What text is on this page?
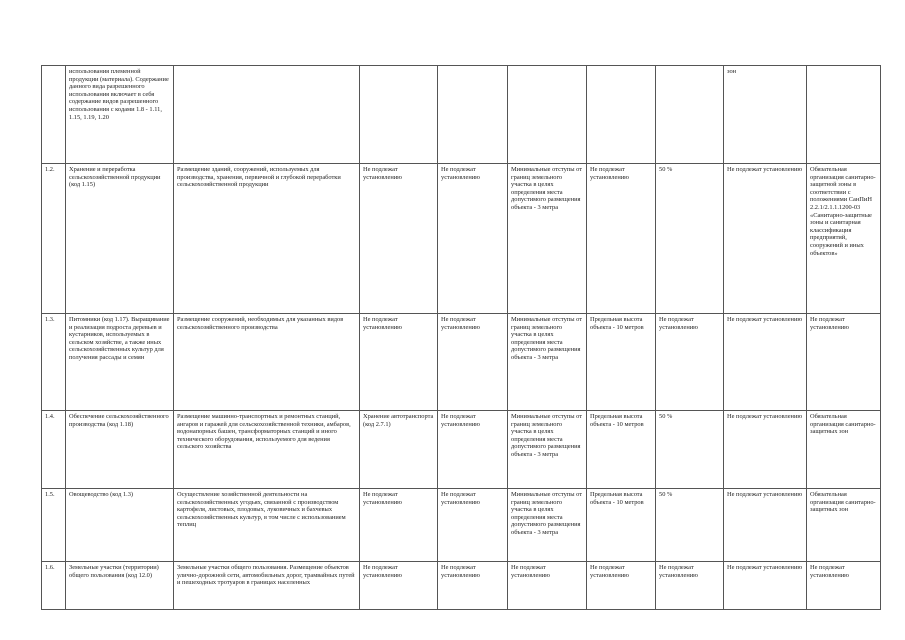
	использования племенной продукции (материала). Содержание данного вида разрешенного использования включает в себя содержание видов разрешенного использования с кодами 1.8 - 1.11, 1.15, 1.19, 1.20							зон	
1.2.	Хранение и переработка сельскохозяйственной продукции (код 1.15)	Размещение зданий, сооружений, используемых для производства, хранения, первичной и глубокой переработки сельскохозяйственной продукции	Не подлежат установлению	Не подлежат установлению	Минимальные отступы от границ земельного участка в целях определения места допустимого размещения объекта - 3 метра	Не подлежат установлению	50 %	Не подлежат установлению	Обязательная организация санитарно-защитной зоны в соответствии с положениями СанПиН 2.2.1/2.1.1.1200-03 «Санитарно-защитные зоны и санитарная классификация предприятий, сооружений и иных объектов»
1.3.	Питомники (код 1.17). Выращивание и реализация подроста деревьев и кустарников, используемых в сельском хозяйстве, а также иных сельскохозяйственных культур для получения рассады и семян	Размещение сооружений, необходимых для указанных видов сельскохозяйственного производства	Не подлежат установлению	Не подлежат установлению	Минимальные отступы от границ земельного участка в целях определения места допустимого размещения объекта - 3 метра	Предельная высота объекта - 10 метров	Не подлежат установлению	Не подлежат установлению	Не подлежат установлению
1.4.	Обеспечение сельскохозяйственного производства (код 1.18)	Размещение машинно-транспортных и ремонтных станций, ангаров и гаражей для сельскохозяйственной техники, амбаров, водонапорных башен, трансформаторных станций и иного технического оборудования, используемого для ведения сельского хозяйства	Хранение автотранспорта (код 2.7.1)	Не подлежат установлению	Минимальные отступы от границ земельного участка в целях определения места допустимого размещения объекта - 3 метра	Предельная высота объекта - 10 метров	50 %	Не подлежат установлению	Обязательная организация санитарно-защитных зон
1.5.	Овощеводство (код 1.3)	Осуществление хозяйственной деятельности на сельскохозяйственных угодьях, связанной с производством картофеля, листовых, плодовых, луковичных и бахчевых сельскохозяйственных культур, в том числе с использованием теплиц	Не подлежат установлению	Не подлежат установлению	Минимальные отступы от границ земельного участка в целях определения места допустимого размещения объекта - 3 метра	Предельная высота объекта - 10 метров	50 %	Не подлежат установлению	Обязательная организация санитарно-защитных зон
1.6.	Земельные участки (территории) общего пользования (код 12.0)	Земельные участки общего пользования. Размещение объектов улично-дорожной сети, автомобильных дорог, трамвайных путей и пешеходных тротуаров в границах населенных	Не подлежат установлению	Не подлежат установлению	Не подлежат установлению	Не подлежат установлению	Не подлежат установлению	Не подлежат установлению	Не подлежат установлению
